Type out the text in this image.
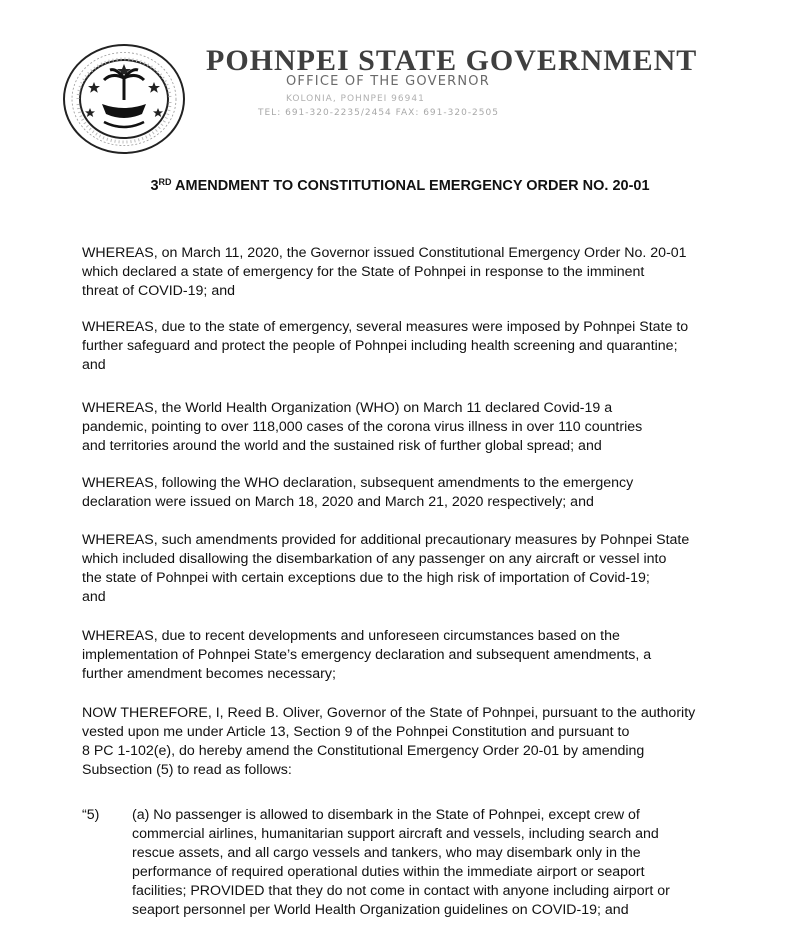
POHNPEI STATE GOVERNMENT
OFFICE OF THE GOVERNOR
KOLONIA, POHNPEI 96941
TEL: 691-320-2235/2454 FAX: 691-320-2505
3RD AMENDMENT TO CONSTITUTIONAL EMERGENCY ORDER NO. 20-01

WHEREAS, on March 11, 2020, the Governor issued Constitutional Emergency Order No. 20-01
which declared a state of emergency for the State of Pohnpei in response to the imminent
threat of COVID-19; and

WHEREAS, due to the state of emergency, several measures were imposed by Pohnpei State to
further safeguard and protect the people of Pohnpei including health screening and quarantine;
and

WHEREAS, the World Health Organization (WHO) on March 11 declared Covid-19 a
pandemic, pointing to over 118,000 cases of the corona virus illness in over 110 countries
and territories around the world and the sustained risk of further global spread; and

WHEREAS, following the WHO declaration, subsequent amendments to the emergency
declaration were issued on March 18, 2020 and March 21, 2020 respectively; and

WHEREAS, such amendments provided for additional precautionary measures by Pohnpei State
which included disallowing the disembarkation of any passenger on any aircraft or vessel into
the state of Pohnpei with certain exceptions due to the high risk of importation of Covid-19;
and

WHEREAS, due to recent developments and unforeseen circumstances based on the
implementation of Pohnpei State’s emergency declaration and subsequent amendments, a
further amendment becomes necessary;

NOW THEREFORE, I, Reed B. Oliver, Governor of the State of Pohnpei, pursuant to the authority
vested upon me under Article 13, Section 9 of the Pohnpei Constitution and pursuant to
8 PC 1-102(e), do hereby amend the Constitutional Emergency Order 20-01 by amending
Subsection (5) to read as follows:

“5) (a) No passenger is allowed to disembark in the State of Pohnpei, except crew of
commercial airlines, humanitarian support aircraft and vessels, including search and
rescue assets, and all cargo vessels and tankers, who may disembark only in the
performance of required operational duties within the immediate airport or seaport
facilities; PROVIDED that they do not come in contact with anyone including airport or
seaport personnel per World Health Organization guidelines on COVID-19; and
